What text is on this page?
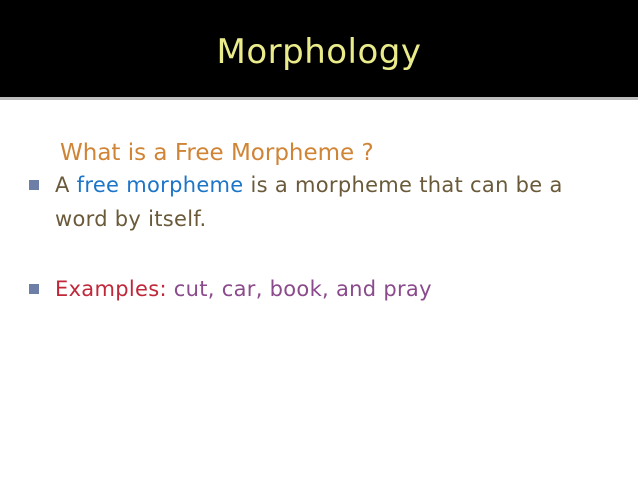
Morphology
What is a Free Morpheme ?
A free morpheme is a morpheme that can be a word by itself.
Examples: cut, car, book, and pray
